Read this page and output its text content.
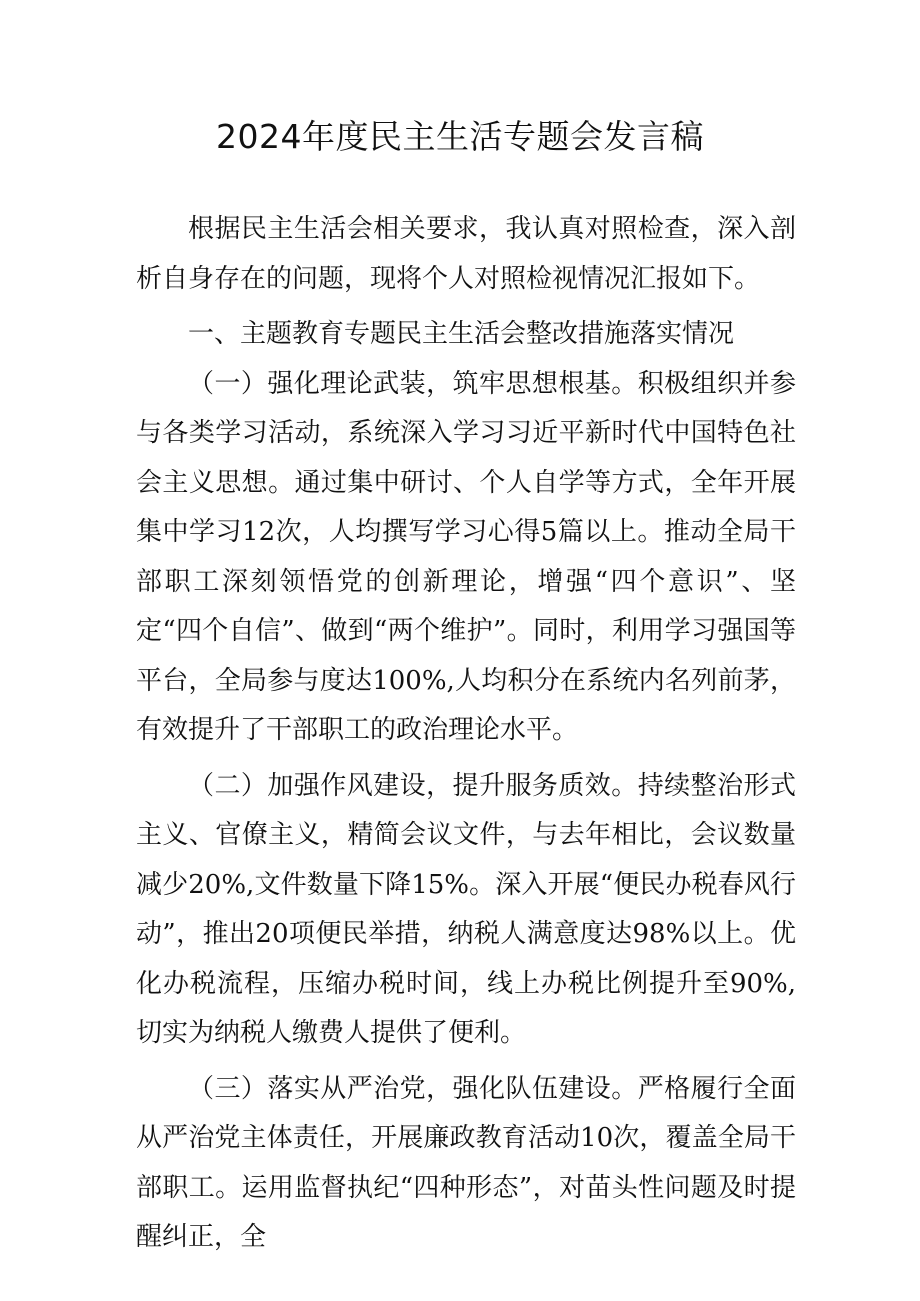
2024年度民主生活专题会发言稿

根据民主生活会相关要求，我认真对照检查，深入剖析自身存在的问题，现将个人对照检视情况汇报如下。

一、主题教育专题民主生活会整改措施落实情况

（一）强化理论武装，筑牢思想根基。积极组织并参与各类学习活动，系统深入学习习近平新时代中国特色社会主义思想。通过集中研讨、个人自学等方式，全年开展集中学习12次，人均撰写学习心得5篇以上。推动全局干部职工深刻领悟党的创新理论，增强“四个意识”、坚定“四个自信”、做到“两个维护”。同时，利用学习强国等平台，全局参与度达100%,人均积分在系统内名列前茅，有效提升了干部职工的政治理论水平。

（二）加强作风建设，提升服务质效。持续整治形式主义、官僚主义，精简会议文件，与去年相比，会议数量减少20%,文件数量下降15%。深入开展“便民办税春风行动”，推出20项便民举措，纳税人满意度达98%以上。优化办税流程，压缩办税时间，线上办税比例提升至90%,切实为纳税人缴费人提供了便利。

（三）落实从严治党，强化队伍建设。严格履行全面从严治党主体责任，开展廉政教育活动10次，覆盖全局干部职工。运用监督执纪“四种形态”，对苗头性问题及时提醒纠正，全
